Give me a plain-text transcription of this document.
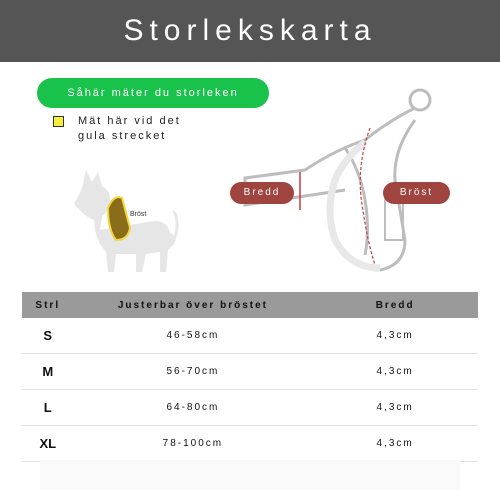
Storlekskarta
Såhär mäter du storleken
Mät här vid det
gula strecket
Bröst
Bredd	Bröst
Strl	Justerbar över bröstet	Bredd
S	46-58cm	4,3cm
M	56-70cm	4,3cm
L	64-80cm	4,3cm
XL	78-100cm	4,3cm
